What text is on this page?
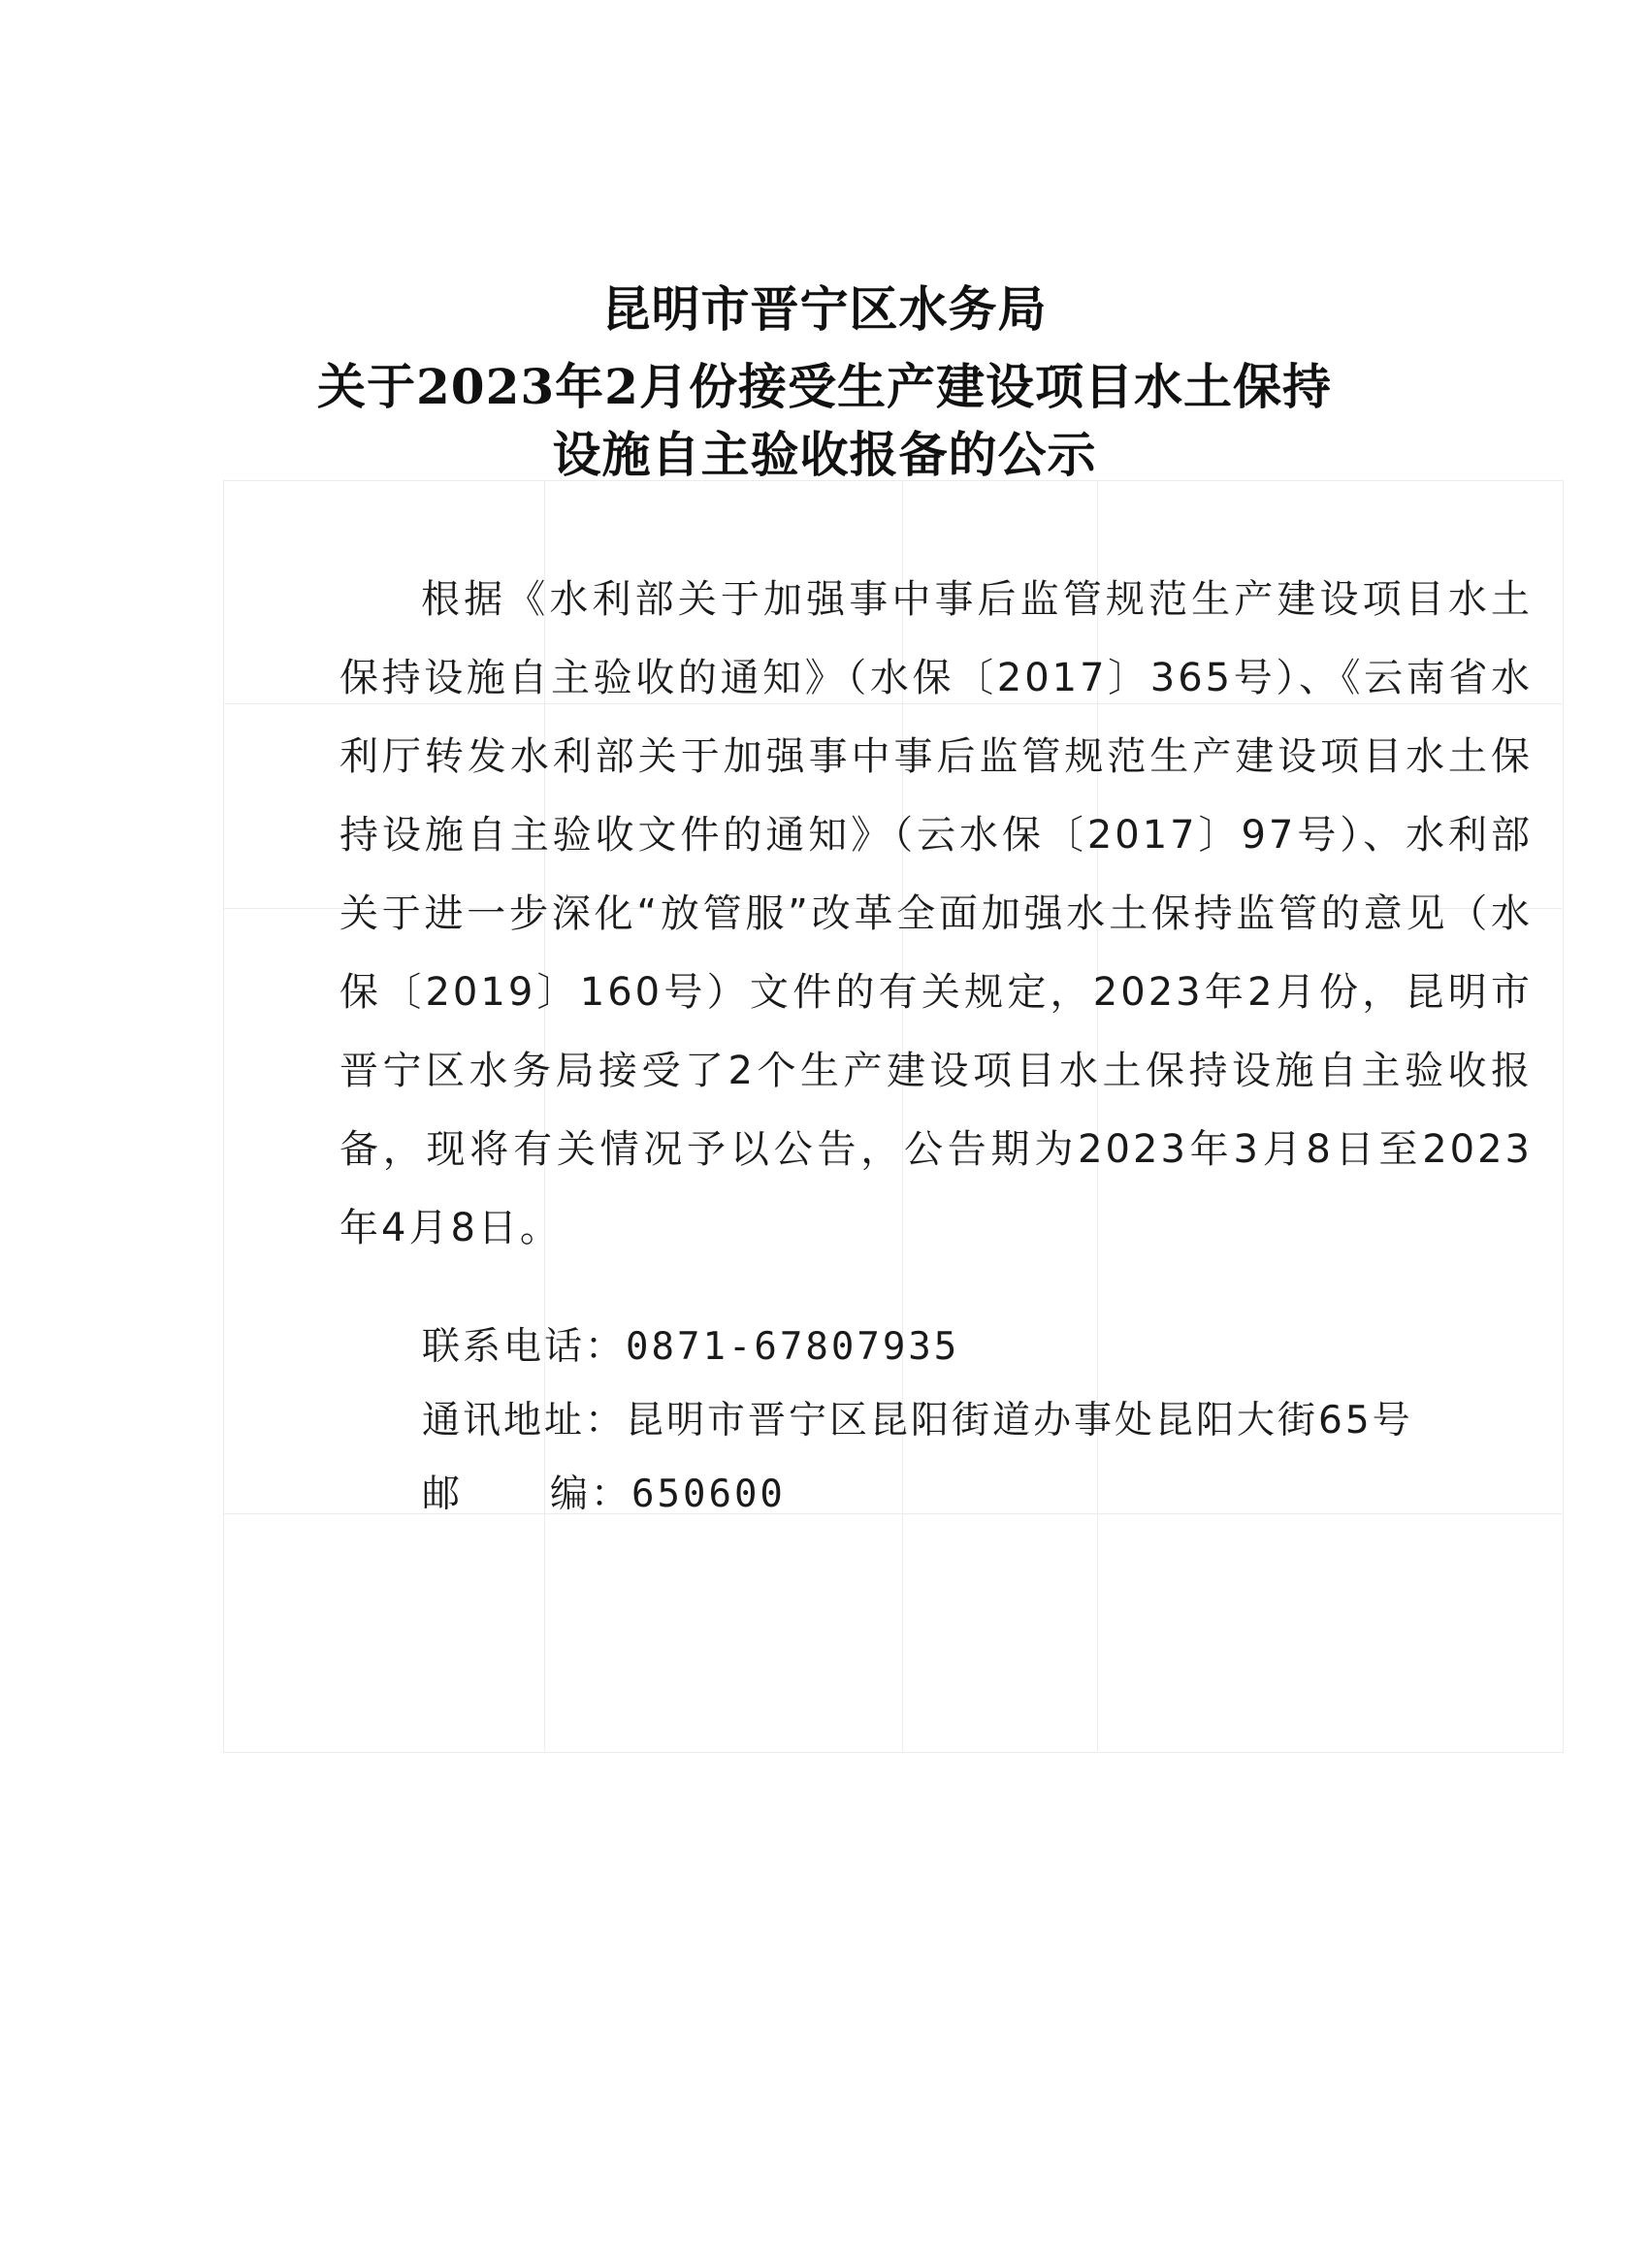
昆明市晋宁区水务局
关于2023年2月份接受生产建设项目水土保持
设施自主验收报备的公示
根据《水利部关于加强事中事后监管规范生产建设项目水土保持设施自主验收的通知》（水保〔2017〕365号）、《云南省水利厅转发水利部关于加强事中事后监管规范生产建设项目水土保持设施自主验收文件的通知》（云水保〔2017〕97号）、水利部 关于进一步深化“放管服”改革全面加强水土保持监管的意见（水保〔2019〕160号）文件的有关规定，2023年2月份，昆明市晋宁区水务局接受了2个生产建设项目水土保持设施自主验收报备，现将有关情况予以公告，公告期为2023年3月8日至2023年4月8日。
联系电话：0871-67807935
通讯地址：昆明市晋宁区昆阳街道办事处昆阳大街65号
邮 编：650600
